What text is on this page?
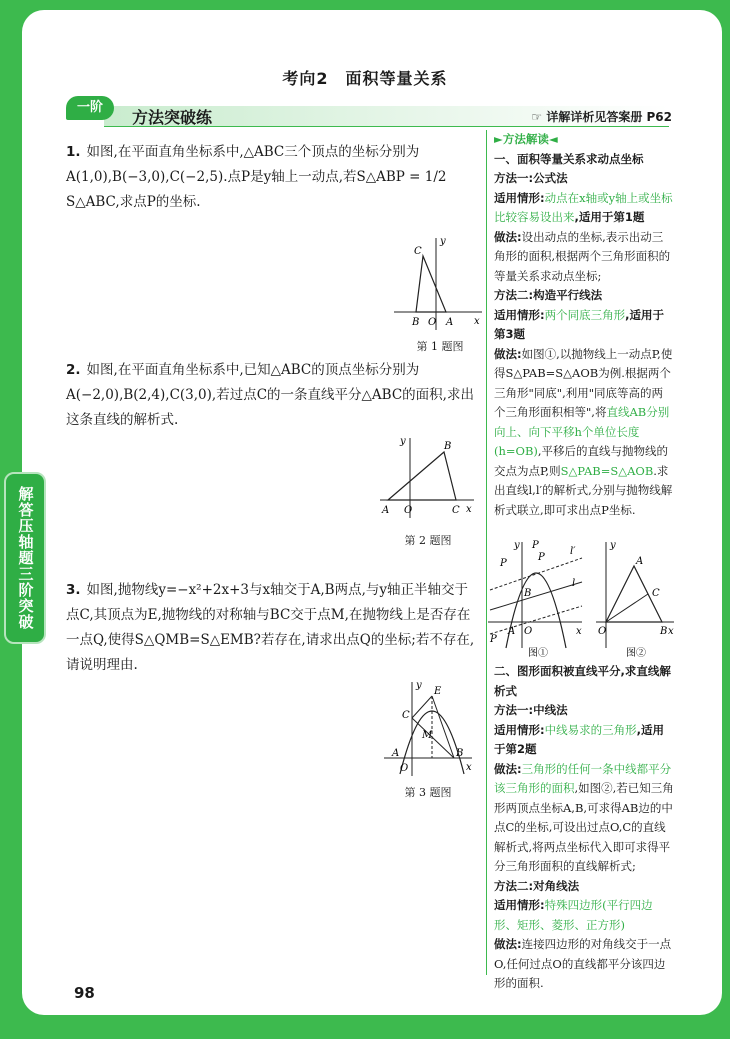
解答压轴题三阶突破
考向2　面积等量关系
一阶
方法突破练	☞ 详解详析见答案册 P62
1. 如图,在平面直角坐标系中,△ABC三个顶点的坐标分别为A(1,0),B(−3,0),C(−2,5).点P是y轴上一动点,若S△ABP = 1/2 S△ABC,求点P的坐标.
B O A
C
x
y
第 1 题图
2. 如图,在平面直角坐标系中,已知△ABC的顶点坐标分别为A(−2,0),B(2,4),C(3,0),若过点C的一条直线平分△ABC的面积,求出这条直线的解析式.
A O	C
B
x
y
第 2 题图
3. 如图,抛物线y=−x²+2x+3与x轴交于A,B两点,与y轴正半轴交于点C,其顶点为E,抛物线的对称轴与BC交于点M,在抛物线上是否存在一点Q,使得S△QMB=S△EMB?若存在,请求出点Q的坐标;若不存在,请说明理由.
A
O
B
C
E
M
x
y
第 3 题图
►方法解读◄
一、面积等量关系求动点坐标
方法一:公式法
适用情形:动点在x轴或y轴上或坐标比较容易设出来,适用于第1题
做法:设出动点的坐标,表示出动三角形的面积,根据两个三角形面积的等量关系求动点坐标;
方法二:构造平行线法
适用情形:两个同底三角形,适用于第3题
做法:如图①,以抛物线上一动点P,使得S△PAB=S△AOB为例.根据两个三角形"同底",利用"同底等高的两个三角形面积相等",将直线AB分别向上、向下平移h个单位长度(h=OB),平移后的直线与抛物线的交点为点P,则S△PAB=S△AOB.求出直线l,l′的解析式,分别与抛物线解析式联立,即可求出点P坐标.
P
P
P
P
A
B
O
l
l′
x
y
O	B
A
C
x
y
图①	图②
二、图形面积被直线平分,求直线解析式
方法一:中线法
适用情形:中线易求的三角形,适用于第2题
做法:三角形的任何一条中线都平分该三角形的面积,如图②,若已知三角形两顶点坐标A,B,可求得AB边的中点C的坐标,可设出过点O,C的直线解析式,将两点坐标代入即可求得平分三角形面积的直线解析式;
方法二:对角线法
适用情形:特殊四边形(平行四边形、矩形、菱形、正方形)
做法:连接四边形的对角线交于一点O,任何过点O的直线都平分该四边形的面积.
98
